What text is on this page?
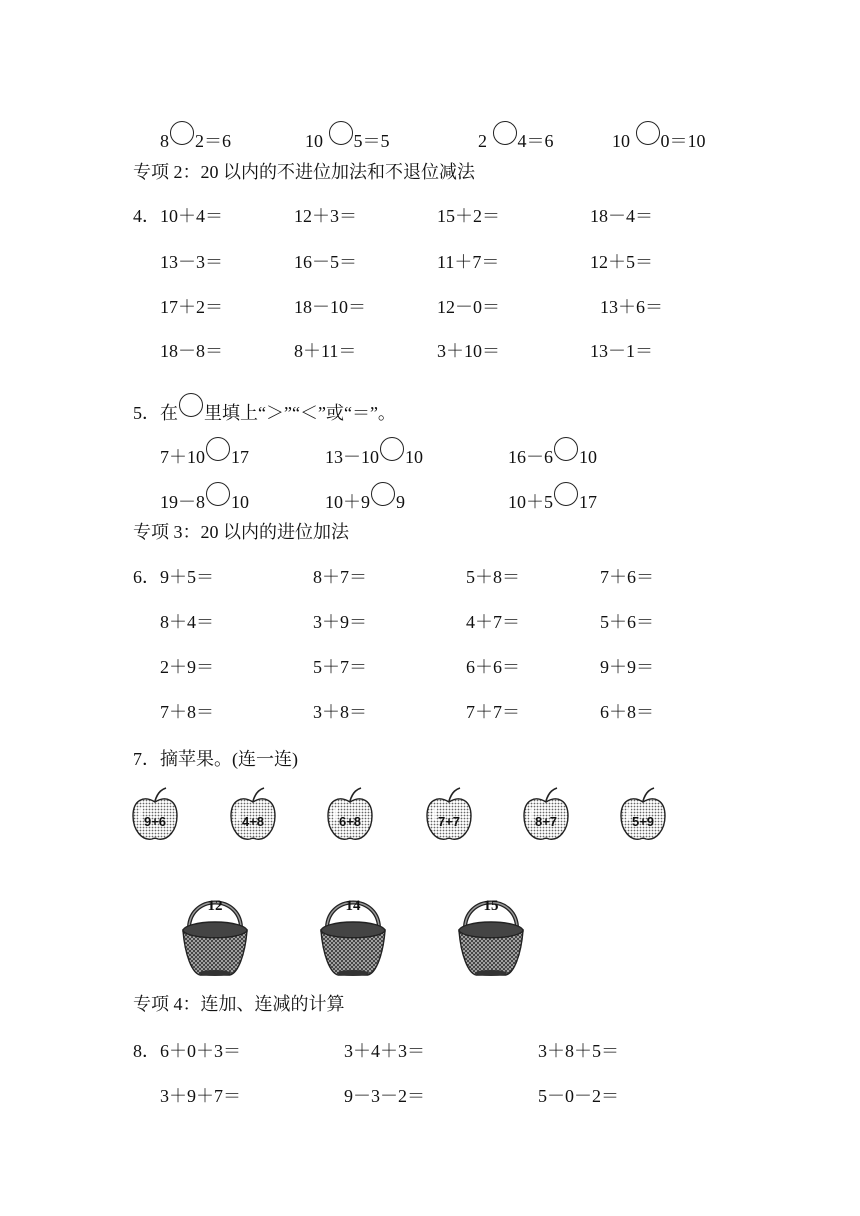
8 2＝6	10 5＝5	2 4＝6	10 0＝10
专项 2：20 以内的不进位加法和不退位减法
4． 10＋4＝	12＋3＝	15＋2＝	18－4＝
13－3＝	16－5＝	11＋7＝	12＋5＝
17＋2＝	18－10＝	12－0＝	13＋6＝
18－8＝	8＋11＝	3＋10＝	13－1＝
5．在 里填上“＞”“＜”或“＝”。
7＋10 17	13－10 10	16－6 10
19－8 10	10＋9 9	10＋5 17
专项 3：20 以内的进位加法
6． 9＋5＝	8＋7＝	5＋8＝	7＋6＝
8＋4＝	3＋9＝	4＋7＝	5＋6＝
2＋9＝	5＋7＝	6＋6＝	9＋9＝
7＋8＝	3＋8＝	7＋7＝	6＋8＝
7．摘苹果。(连一连)
9+6	4+8	6+8	7+7	8+7	5+9
12	14	15
专项 4：连加、连减的计算
8． 6＋0＋3＝	3＋4＋3＝	3＋8＋5＝
3＋9＋7＝	9－3－2＝	5－0－2＝
